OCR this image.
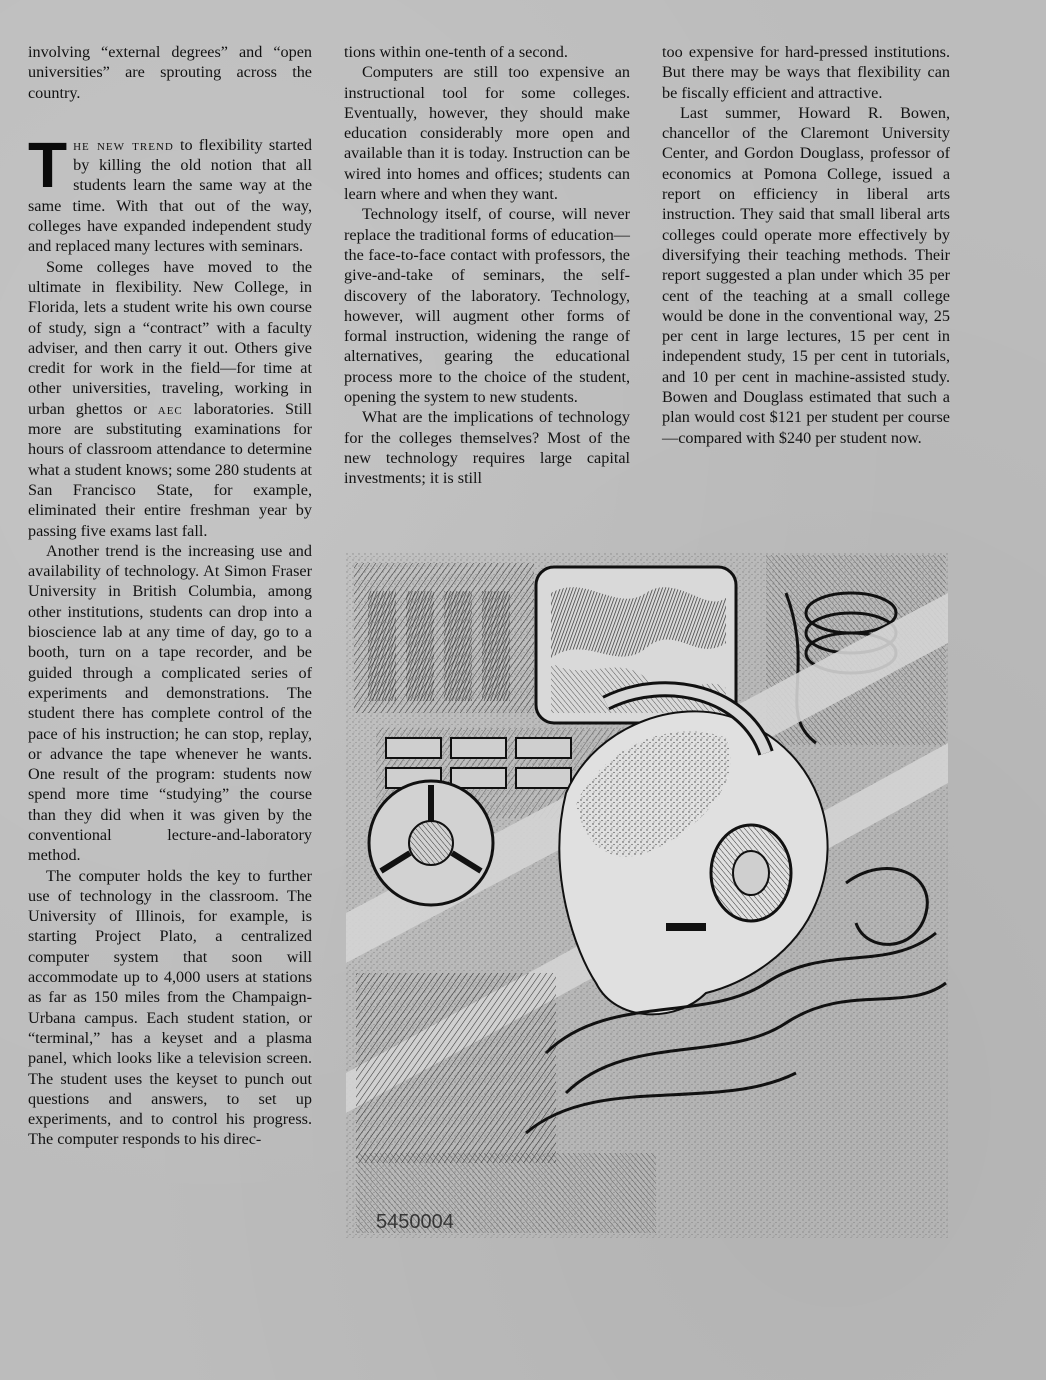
involving “external degrees” and “open universities” are sprouting across the country.

The new trend to flexibility started by killing the old notion that all students learn the same way at the same time. With that out of the way, colleges have expanded independent study and replaced many lectures with seminars.

Some colleges have moved to the ultimate in flexibility. New College, in Florida, lets a student write his own course of study, sign a “contract” with a faculty adviser, and then carry it out. Others give credit for work in the field—for time at other universities, traveling, working in urban ghettos or aec laboratories. Still more are substituting examinations for hours of classroom attendance to determine what a student knows; some 280 students at San Francisco State, for example, eliminated their entire freshman year by passing five exams last fall.

Another trend is the increasing use and availability of technology. At Simon Fraser University in British Columbia, among other institutions, students can drop into a bioscience lab at any time of day, go to a booth, turn on a tape recorder, and be guided through a complicated series of experiments and demonstrations. The student there has complete control of the pace of his instruction; he can stop, replay, or advance the tape whenever he wants. One result of the program: students now spend more time “studying” the course than they did when it was given by the conventional lecture-and-laboratory method.

The computer holds the key to further use of technology in the classroom. The University of Illinois, for example, is starting Project Plato, a centralized computer system that soon will accommodate up to 4,000 users at stations as far as 150 miles from the Champaign-Urbana campus. Each student station, or “terminal,” has a keyset and a plasma panel, which looks like a television screen. The student uses the keyset to punch out questions and answers, to set up experiments, and to control his progress. The computer responds to his direc-

tions within one-tenth of a second.

Computers are still too expensive an instructional tool for some colleges. Eventually, however, they should make education considerably more open and available than it is today. Instruction can be wired into homes and offices; students can learn where and when they want.

Technology itself, of course, will never replace the traditional forms of education—the face-to-face contact with professors, the give-and-take of seminars, the self-discovery of the laboratory. Technology, however, will augment other forms of formal instruction, widening the range of alternatives, gearing the educational process more to the choice of the student, opening the system to new students.

What are the implications of technology for the colleges themselves? Most of the new technology requires large capital investments; it is still

too expensive for hard-pressed institutions. But there may be ways that flexibility can be fiscally efficient and attractive.

Last summer, Howard R. Bowen, chancellor of the Claremont University Center, and Gordon Douglass, professor of economics at Pomona College, issued a report on efficiency in liberal arts instruction. They said that small liberal arts colleges could operate more effectively by diversifying their teaching methods. Their report suggested a plan under which 35 per cent of the teaching at a small college would be done in the conventional way, 25 per cent in large lectures, 15 per cent in independent study, 15 per cent in tutorials, and 10 per cent in machine-assisted study. Bowen and Douglass estimated that such a plan would cost $121 per student per course—compared with $240 per student now.

5450004
